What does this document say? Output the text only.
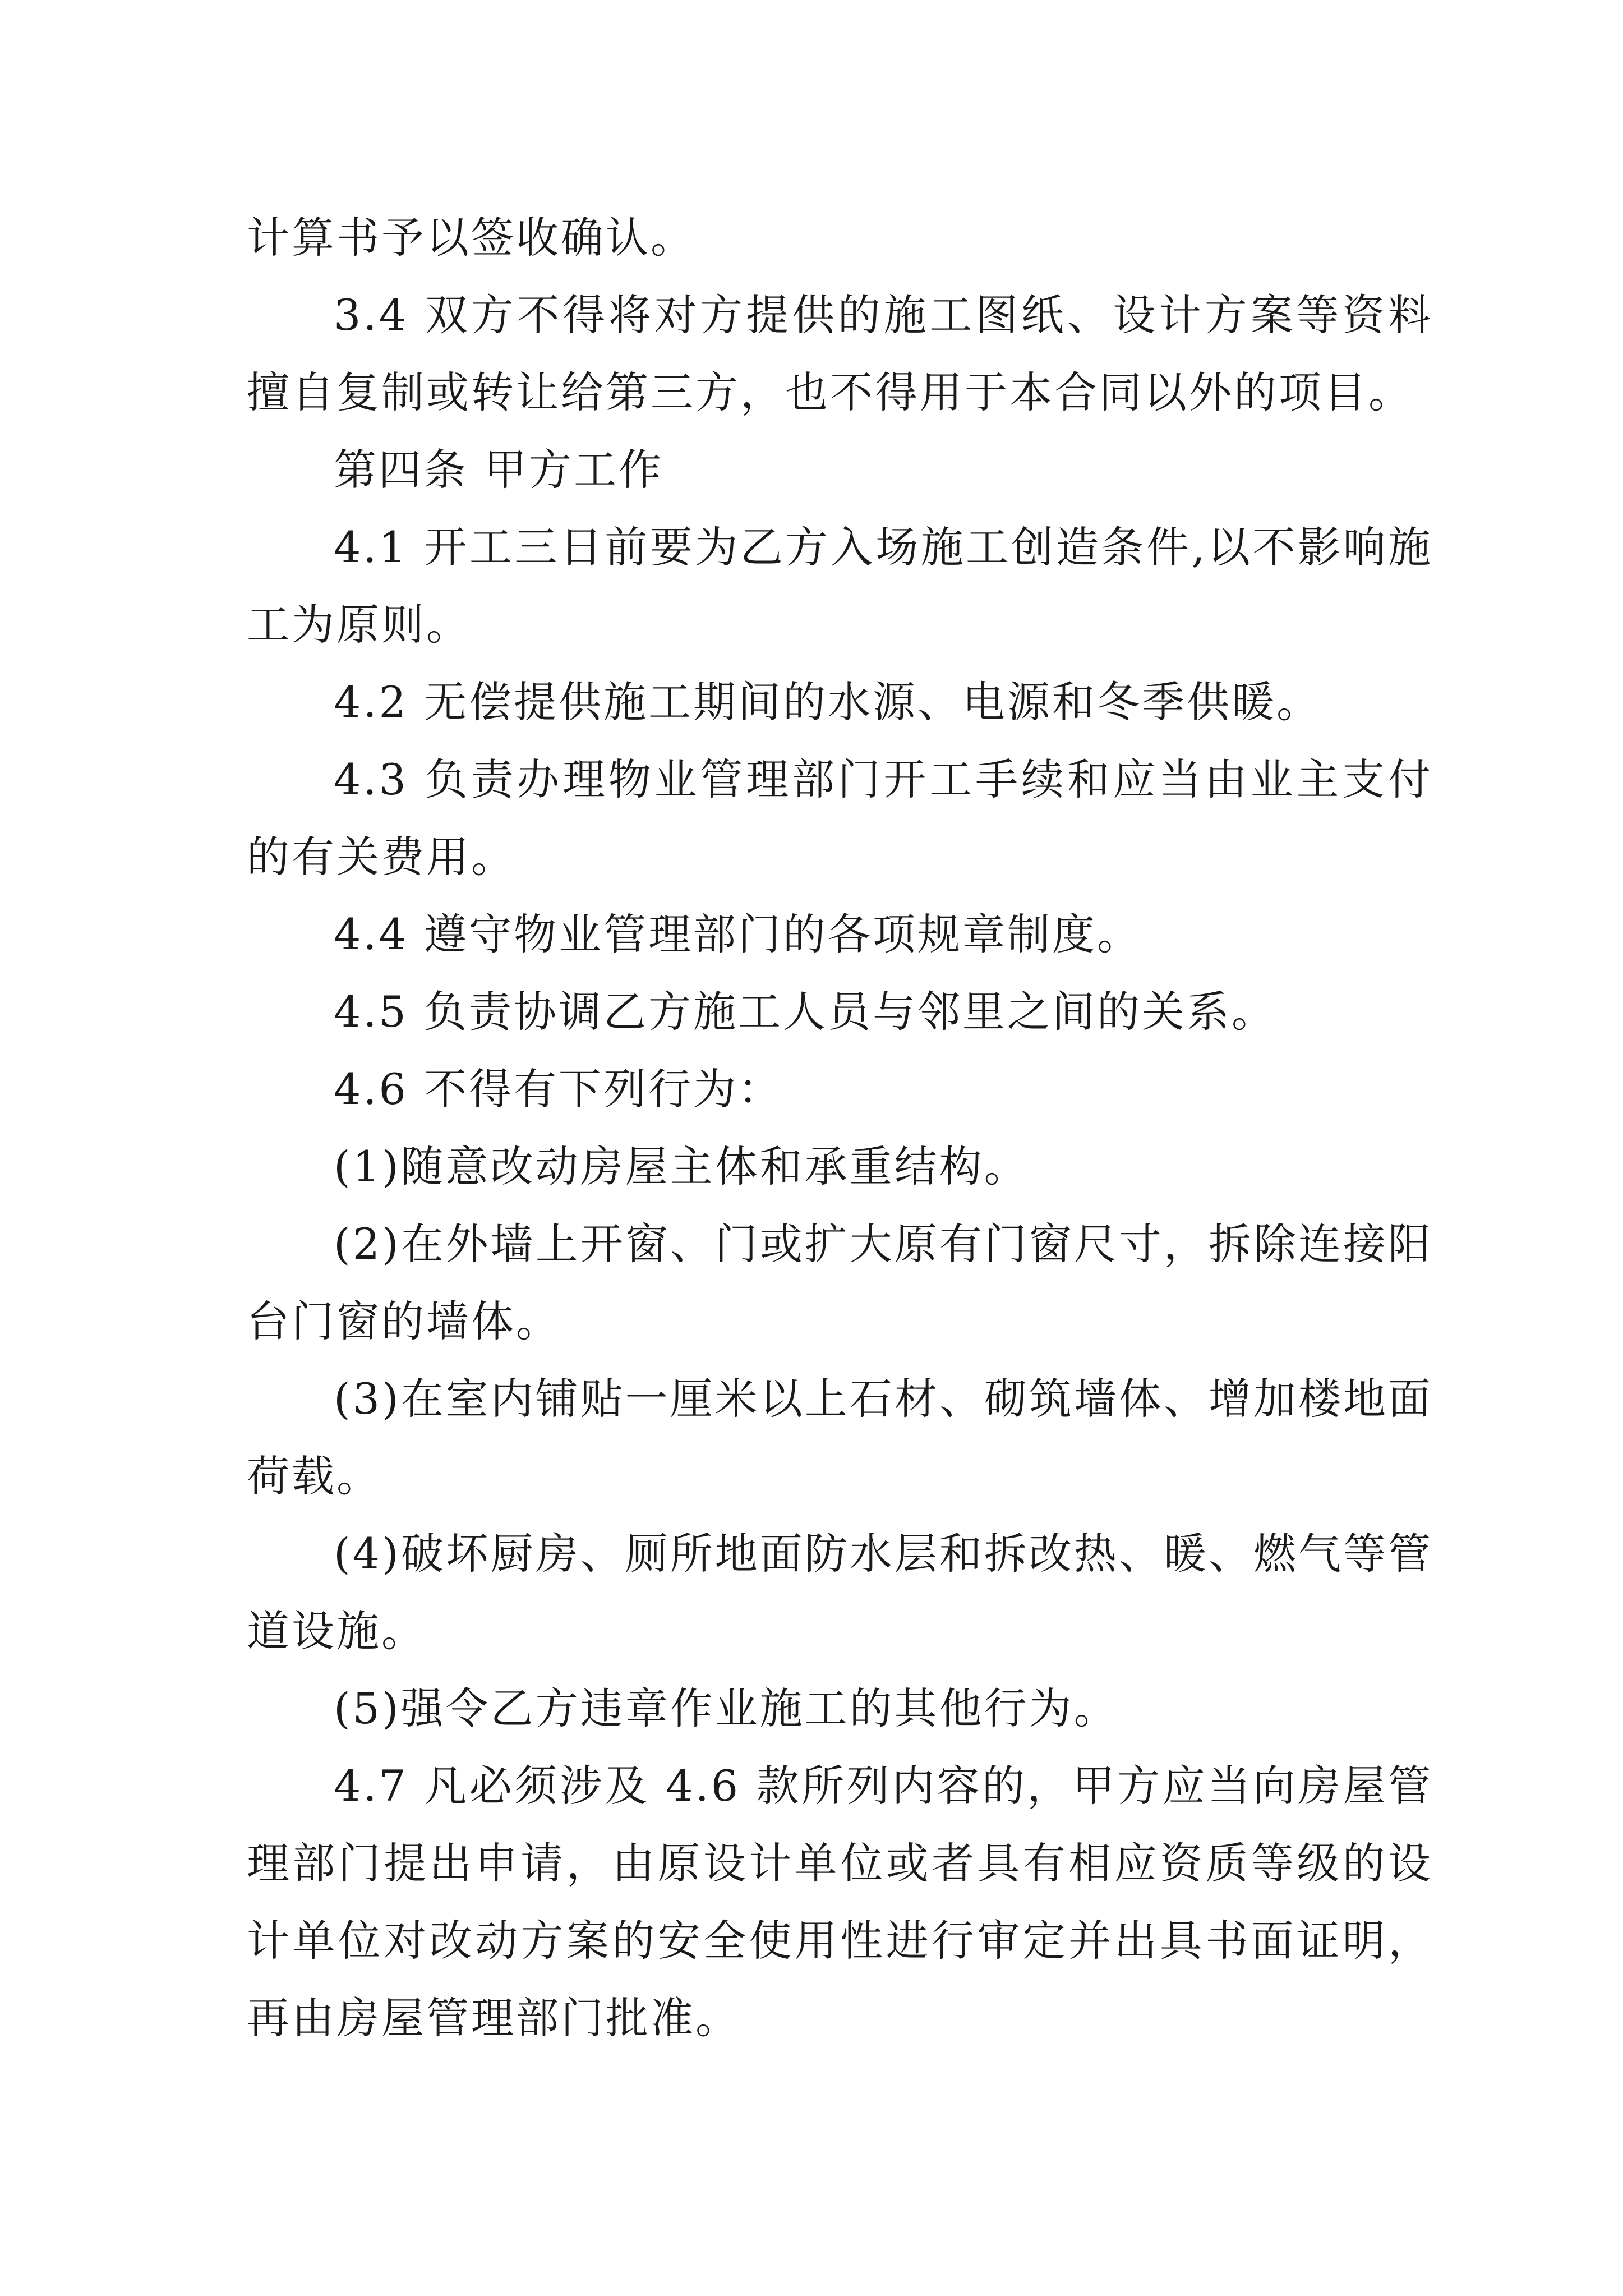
计算书予以签收确认。

3.4 双方不得将对方提供的施工图纸、设计方案等资料擅自复制或转让给第三方，也不得用于本合同以外的项目。

第四条 甲方工作

4.1 开工三日前要为乙方入场施工创造条件,以不影响施工为原则。

4.2 无偿提供施工期间的水源、电源和冬季供暖。

4.3 负责办理物业管理部门开工手续和应当由业主支付的有关费用。

4.4 遵守物业管理部门的各项规章制度。

4.5 负责协调乙方施工人员与邻里之间的关系。

4.6 不得有下列行为：

(1)随意改动房屋主体和承重结构。

(2)在外墙上开窗、门或扩大原有门窗尺寸，拆除连接阳台门窗的墙体。

(3)在室内铺贴一厘米以上石材、砌筑墙体、增加楼地面荷载。

(4)破坏厨房、厕所地面防水层和拆改热、暖、燃气等管道设施。

(5)强令乙方违章作业施工的其他行为。

4.7 凡必须涉及 4.6 款所列内容的，甲方应当向房屋管理部门提出申请，由原设计单位或者具有相应资质等级的设计单位对改动方案的安全使用性进行审定并出具书面证明，再由房屋管理部门批准。
